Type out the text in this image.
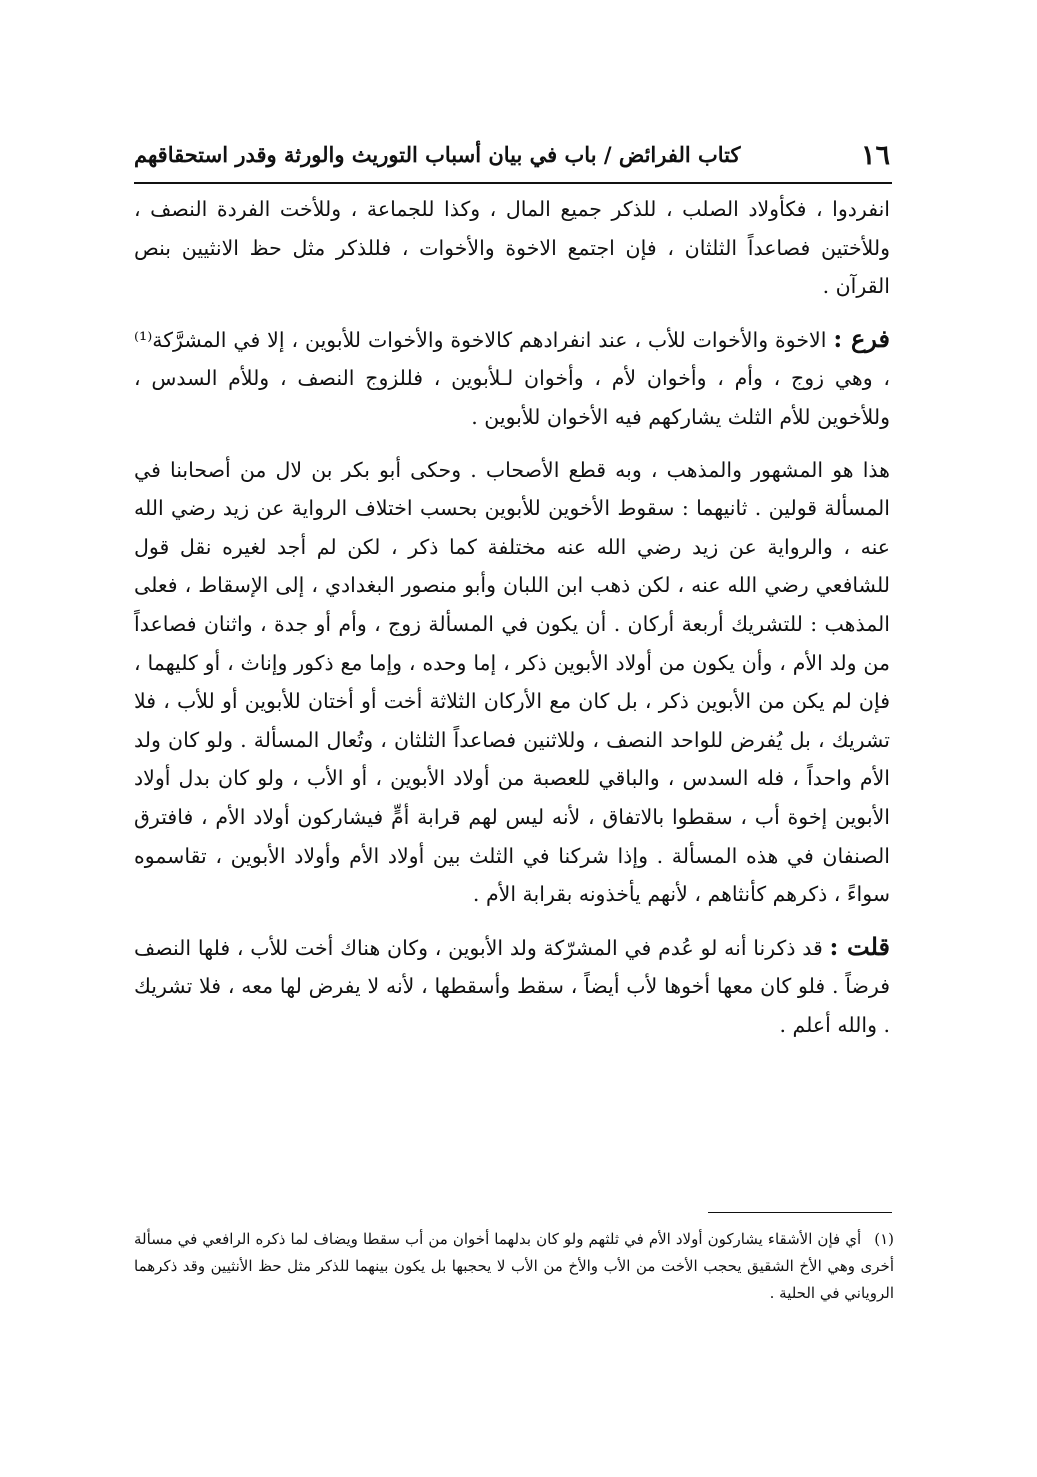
١٦
كتاب الفرائض / باب في بيان أسباب التوريث والورثة وقدر استحقاقهم

انفردوا ، فكأولاد الصلب ، للذكر جميع المال ، وكذا للجماعة ، وللأخت الفردة النصف ، وللأختين فصاعداً الثلثان ، فإن اجتمع الاخوة والأخوات ، فللذكر مثل حظ الانثيين بنص القرآن .

فرع : الاخوة والأخوات للأب ، عند انفرادهم كالاخوة والأخوات للأبوين ، إلا في المشرَّكة⁽¹⁾ ، وهي زوج ، وأم ، وأخوان لأم ، وأخوان لـلأبوين ، فللزوج النصف ، وللأم السدس ، وللأخوين للأم الثلث يشاركهم فيه الأخوان للأبوين .

هذا هو المشهور والمذهب ، وبه قطع الأصحاب . وحكى أبو بكر بن لال من أصحابنا في المسألة قولين . ثانيهما : سقوط الأخوين للأبوين بحسب اختلاف الرواية عن زيد رضي الله عنه ، والرواية عن زيد رضي الله عنه مختلفة كما ذكر ، لكن لم أجد لغيره نقل قول للشافعي رضي الله عنه ، لكن ذهب ابن اللبان وأبو منصور البغدادي ، إلى الإسقاط ، فعلى المذهب : للتشريك أربعة أركان . أن يكون في المسألة زوج ، وأم أو جدة ، واثنان فصاعداً من ولد الأم ، وأن يكون من أولاد الأبوين ذكر ، إما وحده ، وإما مع ذكور وإناث ، أو كليهما ، فإن لم يكن من الأبوين ذكر ، بل كان مع الأركان الثلاثة أخت أو أختان للأبوين أو للأب ، فلا تشريك ، بل يُفرض للواحد النصف ، وللاثنين فصاعداً الثلثان ، وتُعال المسألة . ولو كان ولد الأم واحداً ، فله السدس ، والباقي للعصبة من أولاد الأبوين ، أو الأب ، ولو كان بدل أولاد الأبوين إخوة أب ، سقطوا بالاتفاق ، لأنه ليس لهم قرابة أمٍّ فيشاركون أولاد الأم ، فافترق الصنفان في هذه المسألة . وإذا شركنا في الثلث بين أولاد الأم وأولاد الأبوين ، تقاسموه سواءً ، ذكرهم كأنثاهم ، لأنهم يأخذونه بقرابة الأم .

قلت : قد ذكرنا أنه لو عُدم في المشرّكة ولد الأبوين ، وكان هناك أخت للأب ، فلها النصف فرضاً . فلو كان معها أخوها لأب أيضاً ، سقط وأسقطها ، لأنه لا يفرض لها معه ، فلا تشريك . والله أعلم .

(١) أي فإن الأشقاء يشاركون أولاد الأم في ثلثهم ولو كان بدلهما أخوان من أب سقطا ويضاف لما ذكره الرافعي في مسألة أخرى وهي الأخ الشقيق يحجب الأخت من الأب والأخ من الأب لا يحجبها بل يكون بينهما للذكر مثل حظ الأنثيين وقد ذكرهما الروياني في الحلية .
